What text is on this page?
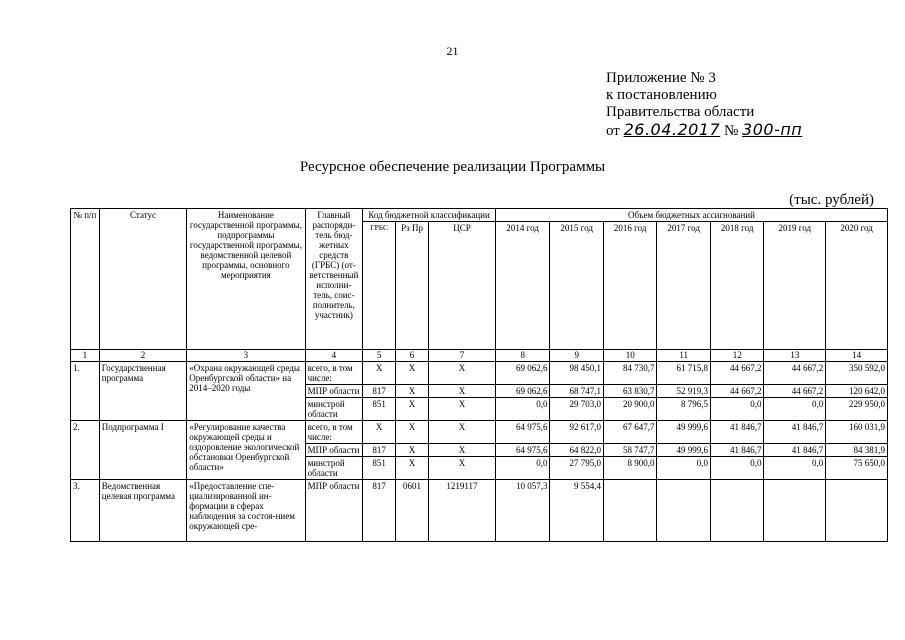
21
Приложение № 3
к постановлению
Правительства области
от 26.04.2017 № 300-пп
Ресурсное обеспечение реализации Программы
(тыс. рублей)
№ п/п	Статус	Наименование государственной программы, подпрограммы государственной программы, ведомственной целевой программы, основного мероприятия	Главный распоряди-тель бюд-жетных средств (ГРБС) (от-ветственный исполни-тель, соис-полнитель, участник)	Код бюджетной классификации			Объем бюджетных ассигнований						
				ГРБС	Рз Пр	ЦСР	2014 год	2015 год	2016 год	2017 год	2018 год	2019 год	2020 год
1	2	3	4	5	6	7	8	9	10	11	12	13	14
1.	Государственная программа	«Охрана окружающей среды Оренбургской области» на 2014–2020 годы	всего, в том числе:	X	X	X	69 062,6	98 450,1	84 730,7	61 715,8	44 667,2	44 667,2	350 592,0
			МПР области	817	X	X	69 062,6	68 747,1	63 830,7	52 919,3	44 667,2	44 667,2	120 642,0
			минстрой области	851	X	X	0,0	29 703,0	20 900,0	8 796,5	0,0	0,0	229 950,0
2.	Подпрограмма I	«Регулирование качества окружающей среды и оздоровление экологической обстановки Оренбургской области»	всего, в том числе:	X	X	X	64 975,6	92 617,0	67 647,7	49 999,6	41 846,7	41 846,7	160 031,9
			МПР области	817	X	X	64 975,6	64 822,0	58 747,7	49 999,6	41 846,7	41 846,7	84 381,9
			минстрой области	851	X	X	0,0	27 795,0	8 900,0	0,0	0,0	0,0	75 650,0
3.	Ведомственная целевая программа	«Предоставление спе-циализированной ин-формации в сферах наблюдения за состоя-нием окружающей сре-	МПР области	817	0601	1219117	10 057,3	9 554,4					
